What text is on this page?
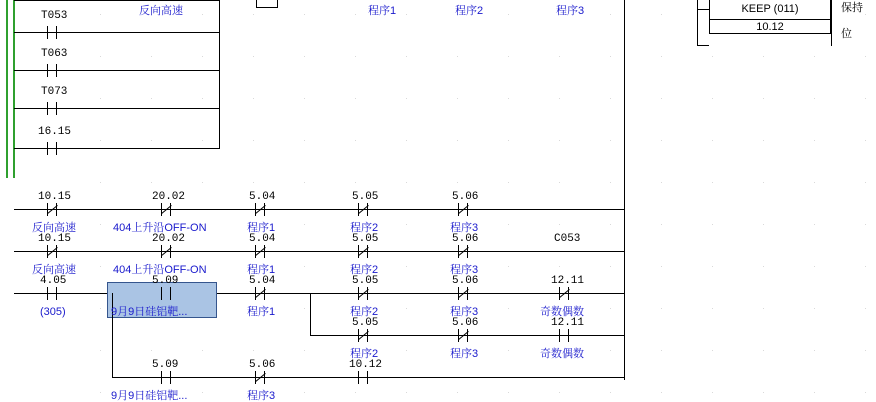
T053
T063
T073
16.15
反向高速	程序1	程序2	程序3
10.15
反向高速
20.02
404上升沿OFF-ON
5.04
程序1
5.05
程序2
5.06
程序3
10.15
反向高速
20.02
404上升沿OFF-ON
5.04
程序1
5.05
程序2
5.06
程序3
C053
4.05
(305)
5.09
9月9日硅铝靶...
5.04
程序1
5.05
程序2
5.06
程序3
12.11
奇数偶数
5.05
程序2
5.06
程序3
12.11
奇数偶数
5.09
9月9日硅铝靶...
5.06
程序3
10.12
KEEP (011)
10.12
保持
位
